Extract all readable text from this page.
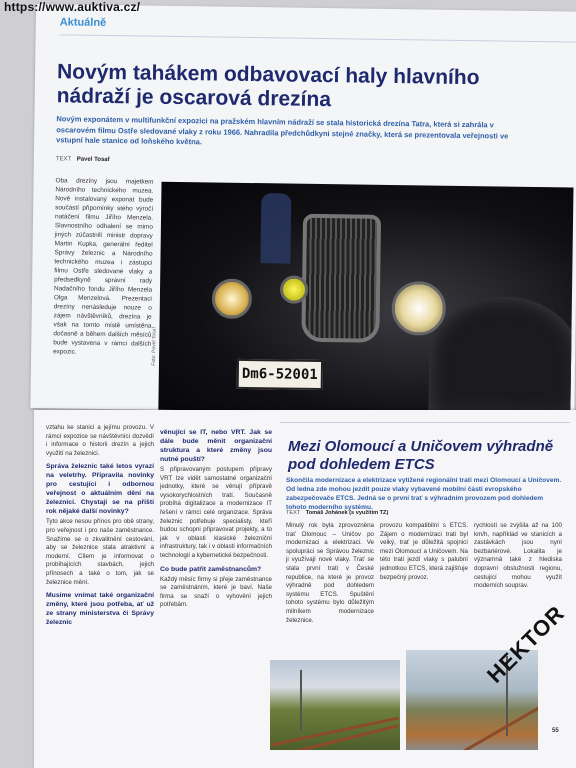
https://www.auktiva.cz/
Aktuálně
Novým tahákem odbavovací haly hlavního nádraží je oscarová drezína
Novým exponátem v multifunkční expozici na pražském hlavním nádraží se stala historická drezína Tatra, která si zahrála v oscarovém filmu Ostře sledované vlaky z roku 1966. Nahradila předchůdkyni stejné značky, která se prezentovala veřejnosti ve vstupní hale stanice od loňského května.
TEXT Pavel Tosaf
Oba drezíny jsou majetkem Národního technického muzea. Nově instalovaný exponát bude součástí připomínky stého výročí natáčení filmu Jiřího Menzela. Slavnostního odhalení se mimo jiných zúčastnili ministr dopravy Martin Kupka, generální ředitel Správy železnic a Národního technického muzea i zástupci filmu Ostře sledované vlaky a předsedkyně správní rady Nadačního fondu Jiřího Menzela Olga Menzelová. Prezentaci drezíny nenásleduje nouze o zájem návštěvníků, drezína je však na tomto místě umístěna dočasně a během dalších měsíců bude vystavena v rámci dalších expozic.
Dm6-52001
Foto: Pavel Tosaf
vztahu ke stanici a jejímu provozu. V rámci expozice se návštěvníci dozvědí i informace o historii drezín a jejich využití na železnici.
Správa železnic také letos vyrazí na veletrhy. Připravila novinky pro cestující i odbornou veřejnost o aktuálním dění na železnici. Chystají se na příští rok nějaké další novinky?
Tyto akce nesou přínos pro obě strany, pro veřejnost i pro naše zaměstnance. Snažíme se o zkvalitnění cestování, aby se železnice stala atraktivní a moderní. Cílem je informovat o probíhajících stavbách, jejich přínosech a také o tom, jak se železnice mění.
Musíme vnímat také organizační změny, které jsou potřeba, ať už ze strany ministerstva či Správy železnic
věnující se IT, nebo VRT. Jak se dále bude měnit organizační struktura a které změny jsou nutné pouští?
S připravovaným postupem přípravy VRT lze vidět samostatné organizační jednotky, které se věnují přípravě vysokorychlostních tratí. Současně probíhá digitalizace a modernizace IT řešení v rámci celé organizace. Správa železnic potřebuje specialisty, kteří budou schopni připravovat projekty, a to jak v oblasti klasické železniční infrastruktury, tak i v oblasti informačních technologií a kybernetické bezpečnosti.
Co bude patřit zaměstnancům?
Každý měsíc firmy si přeje zaměstnance se zaměstnáním, které je baví. Naše firma se snaží o vyhovění jejich potřebám.
Mezi Olomoucí a Uničovem výhradně pod dohledem ETCS
Skončila modernizace a elektrizace vytížené regionální trati mezi Olomoucí a Uničovem. Od ledna zde mohou jezdit pouze vlaky vybavené mobilní částí evropského zabezpečovače ETCS. Jedná se o první trať s výhradním provozem pod dohledem tohoto moderního systému.
TEXT Tomáš Johánek (s využitím TZ)
Minulý rok byla zprovozněna trať Olomouc – Uničov po modernizaci a elektrizaci. Ve spolupráci se Správou železnic ji využívají nové vlaky. Trať se stala první tratí v České republice, na které je provoz výhradně pod dohledem systému ETCS. Spuštění tohoto systému bylo důležitým milníkem modernizace železnice.
provozu kompatibilní s ETCS. Zájem o modernizaci trati byl velký, trať je důležitá spojnicí mezi Olomoucí a Uničovem. Na této trati jezdí vlaky s palubní jednotkou ETCS, která zajišťuje bezpečný provoz.
rychlostí se zvýšila až na 100 km/h, například ve stanicích a zastávkách jsou nyní bezbariérové. Lokalita je významná také z hlediska dopravní obslužnosti regionu, cestující mohou využít moderních souprav.
55
HEKTOR
